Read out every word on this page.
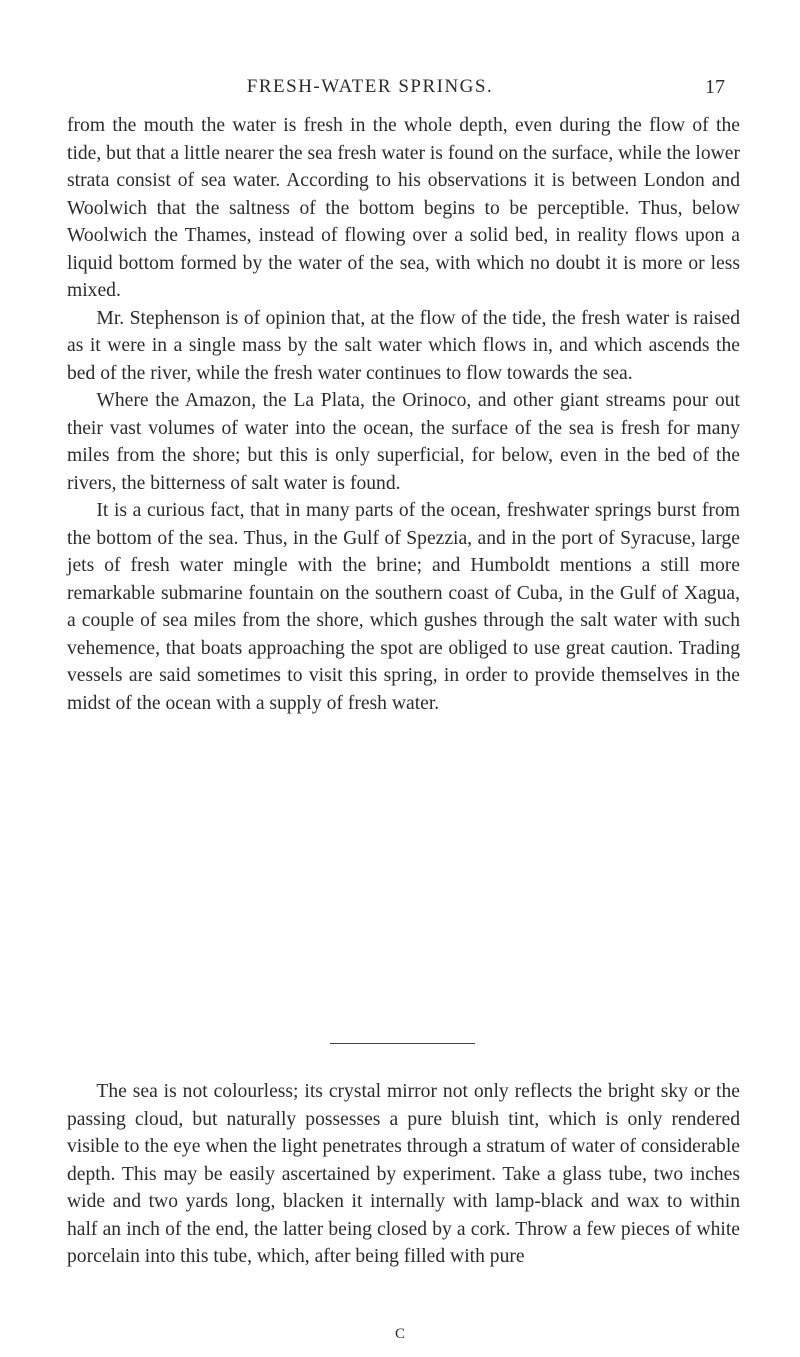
FRESH-WATER SPRINGS.	17

from the mouth the water is fresh in the whole depth, even during the flow of the tide, but that a little nearer the sea fresh water is found on the surface, while the lower strata consist of sea water. According to his observations it is between London and Woolwich that the saltness of the bottom begins to be perceptible. Thus, below Woolwich the Thames, instead of flowing over a solid bed, in reality flows upon a liquid bottom formed by the water of the sea, with which no doubt it is more or less mixed.

Mr. Stephenson is of opinion that, at the flow of the tide, the fresh water is raised as it were in a single mass by the salt water which flows in, and which ascends the bed of the river, while the fresh water continues to flow towards the sea.

Where the Amazon, the La Plata, the Orinoco, and other giant streams pour out their vast volumes of water into the ocean, the surface of the sea is fresh for many miles from the shore; but this is only superficial, for below, even in the bed of the rivers, the bitterness of salt water is found.

It is a curious fact, that in many parts of the ocean, freshwater springs burst from the bottom of the sea. Thus, in the Gulf of Spezzia, and in the port of Syracuse, large jets of fresh water mingle with the brine; and Humboldt mentions a still more remarkable submarine fountain on the southern coast of Cuba, in the Gulf of Xagua, a couple of sea miles from the shore, which gushes through the salt water with such vehemence, that boats approaching the spot are obliged to use great caution. Trading vessels are said sometimes to visit this spring, in order to provide themselves in the midst of the ocean with a supply of fresh water.

The sea is not colourless; its crystal mirror not only reflects the bright sky or the passing cloud, but naturally possesses a pure bluish tint, which is only rendered visible to the eye when the light penetrates through a stratum of water of considerable depth. This may be easily ascertained by experiment. Take a glass tube, two inches wide and two yards long, blacken it internally with lamp-black and wax to within half an inch of the end, the latter being closed by a cork. Throw a few pieces of white porcelain into this tube, which, after being filled with pure

C
